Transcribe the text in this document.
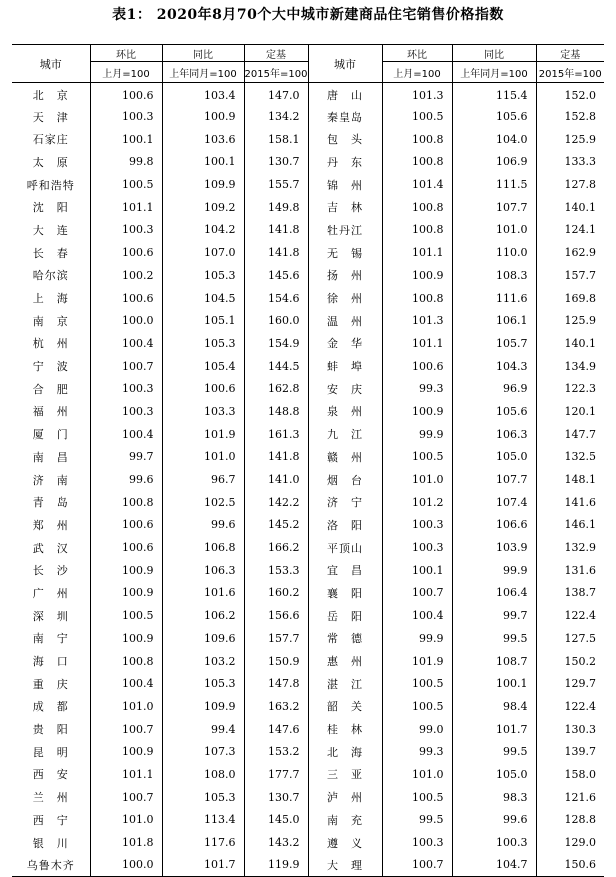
表1： 2020年8月70个大中城市新建商品住宅销售价格指数
城市	环比	同比	定基	城市	环比	同比	定基
	上月=100	上年同月=100	2015年=100		上月=100	上年同月=100	2015年=100
北　京	100.6	103.4	147.0	唐　山	101.3	115.4	152.0
天　津	100.3	100.9	134.2	秦皇岛	100.5	105.6	152.8
石家庄	100.1	103.6	158.1	包　头	100.8	104.0	125.9
太　原	99.8	100.1	130.7	丹　东	100.8	106.9	133.3
呼和浩特	100.5	109.9	155.7	锦　州	101.4	111.5	127.8
沈　阳	101.1	109.2	149.8	吉　林	100.8	107.7	140.1
大　连	100.3	104.2	141.8	牡丹江	100.8	101.0	124.1
长　春	100.6	107.0	141.8	无　锡	101.1	110.0	162.9
哈尔滨	100.2	105.3	145.6	扬　州	100.9	108.3	157.7
上　海	100.6	104.5	154.6	徐　州	100.8	111.6	169.8
南　京	100.0	105.1	160.0	温　州	101.3	106.1	125.9
杭　州	100.4	105.3	154.9	金　华	101.1	105.7	140.1
宁　波	100.7	105.4	144.5	蚌　埠	100.6	104.3	134.9
合　肥	100.3	100.6	162.8	安　庆	99.3	96.9	122.3
福　州	100.3	103.3	148.8	泉　州	100.9	105.6	120.1
厦　门	100.4	101.9	161.3	九　江	99.9	106.3	147.7
南　昌	99.7	101.0	141.8	赣　州	100.5	105.0	132.5
济　南	99.6	96.7	141.0	烟　台	101.0	107.7	148.1
青　岛	100.8	102.5	142.2	济　宁	101.2	107.4	141.6
郑　州	100.6	99.6	145.2	洛　阳	100.3	106.6	146.1
武　汉	100.6	106.8	166.2	平顶山	100.3	103.9	132.9
长　沙	100.9	106.3	153.3	宜　昌	100.1	99.9	131.6
广　州	100.9	101.6	160.2	襄　阳	100.7	106.4	138.7
深　圳	100.5	106.2	156.6	岳　阳	100.4	99.7	122.4
南　宁	100.9	109.6	157.7	常　德	99.9	99.5	127.5
海　口	100.8	103.2	150.9	惠　州	101.9	108.7	150.2
重　庆	100.4	105.3	147.8	湛　江	100.5	100.1	129.7
成　都	101.0	109.9	163.2	韶　关	100.5	98.4	122.4
贵　阳	100.7	99.4	147.6	桂　林	99.0	101.7	130.3
昆　明	100.9	107.3	153.2	北　海	99.3	99.5	139.7
西　安	101.1	108.0	177.7	三　亚	101.0	105.0	158.0
兰　州	100.7	105.3	130.7	泸　州	100.5	98.3	121.6
西　宁	101.0	113.4	145.0	南　充	99.5	99.6	128.8
银　川	101.8	117.6	143.2	遵　义	100.3	100.3	129.0
乌鲁木齐	100.0	101.7	119.9	大　理	100.7	104.7	150.6
